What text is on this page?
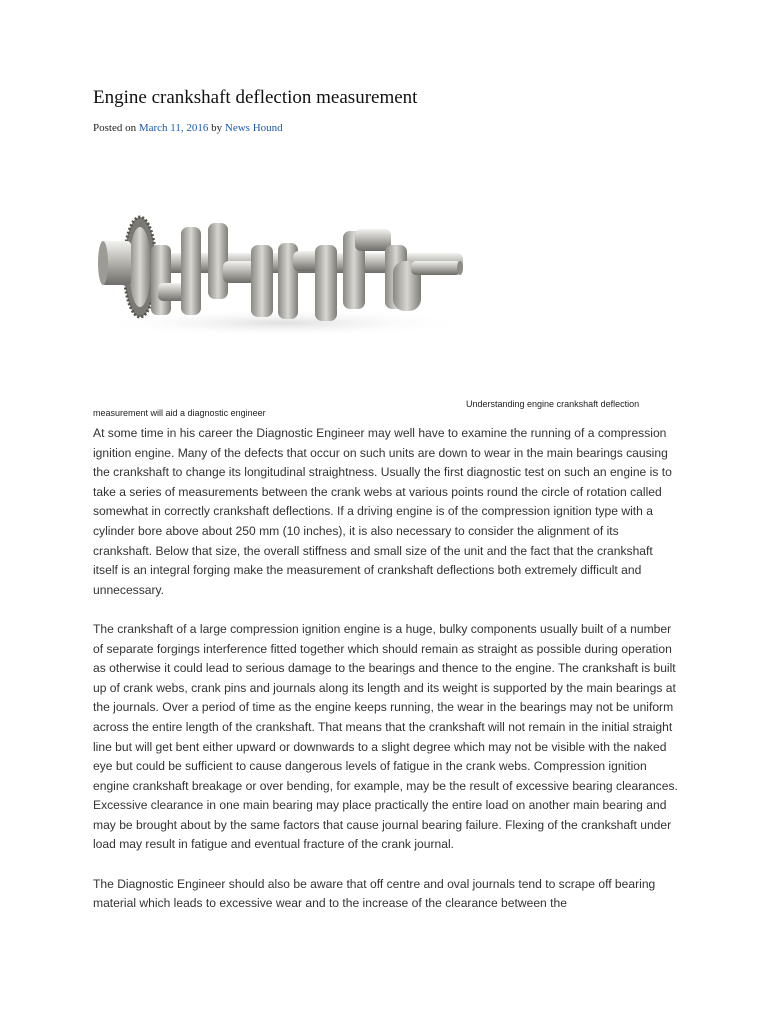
Engine crankshaft deflection measurement
Posted on March 11, 2016 by News Hound
Understanding engine crankshaft deflection
measurement will aid a diagnostic engineer

At some time in his career the Diagnostic Engineer may well have to examine the running of a compression ignition engine. Many of the defects that occur on such units are down to wear in the main bearings causing the crankshaft to change its longitudinal straightness. Usually the first diagnostic test on such an engine is to take a series of measurements between the crank webs at various points round the circle of rotation called somewhat in correctly crankshaft deflections. If a driving engine is of the compression ignition type with a cylinder bore above about 250 mm (10 inches), it is also necessary to consider the alignment of its crankshaft. Below that size, the overall stiffness and small size of the unit and the fact that the crankshaft itself is an integral forging make the measurement of crankshaft deflections both extremely difficult and unnecessary.

The crankshaft of a large compression ignition engine is a huge, bulky components usually built of a number of separate forgings interference fitted together which should remain as straight as possible during operation as otherwise it could lead to serious damage to the bearings and thence to the engine. The crankshaft is built up of crank webs, crank pins and journals along its length and its weight is supported by the main bearings at the journals. Over a period of time as the engine keeps running, the wear in the bearings may not be uniform across the entire length of the crankshaft. That means that the crankshaft will not remain in the initial straight line but will get bent either upward or downwards to a slight degree which may not be visible with the naked eye but could be sufficient to cause dangerous levels of fatigue in the crank webs. Compression ignition engine crankshaft breakage or over bending, for example, may be the result of excessive bearing clearances. Excessive clearance in one main bearing may place practically the entire load on another main bearing and may be brought about by the same factors that cause journal bearing failure. Flexing of the crankshaft under load may result in fatigue and eventual fracture of the crank journal.

The Diagnostic Engineer should also be aware that off centre and oval journals tend to scrape off bearing material which leads to excessive wear and to the increase of the clearance between the
